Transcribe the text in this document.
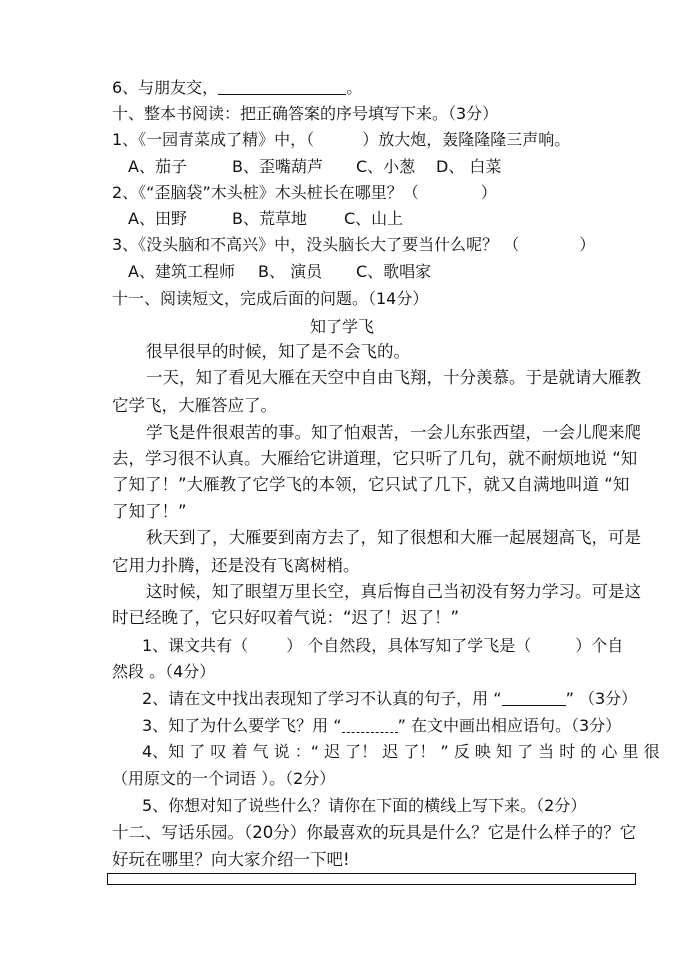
6、与朋友交，	。
十、整本书阅读：把正确答案的序号填写下来。（3分）
1、《一园青菜成了精》中，（	）放大炮，轰隆隆隆三声响。
A、茄子	B、歪嘴葫芦 C、小葱 D、 白菜
2、《“歪脑袋”木头桩》木头桩长在哪里？（	）
A、田野	B、荒草地 C、山上
3、《没头脑和不高兴》中，没头脑长大了要当什么呢？ （	）
A、建筑工程师 B、 演员 C、歌唱家
十一、阅读短文，完成后面的问题。（14分）
知了学飞
很早很早的时候，知了是不会飞的。
一天，知了看见大雁在天空中自由飞翔，十分羡慕。于是就请大雁教
它学飞，大雁答应了。
学飞是件很艰苦的事。知了怕艰苦，一会儿东张西望，一会儿爬来爬
去，学习很不认真。大雁给它讲道理，它只听了几句，就不耐烦地说 “知
了知了！”大雁教了它学飞的本领，它只试了几下，就又自满地叫道 “知
了知了！”
秋天到了，大雁要到南方去了，知了很想和大雁一起展翅高飞，可是
它用力扑腾，还是没有飞离树梢。
这时候，知了眼望万里长空，真后悔自己当初没有努力学习。可是这
时已经晚了，它只好叹着气说：“迟了！迟了！”
1、课文共有（ ） 个自然段，具体写知了学飞是（	）个自
然段 。（4分）
2、请在文中找出表现知了学习不认真的句子，用 “	” （3分）
3、知了为什么要学飞？用 “	” 在文中画出相应语句。（3分）
4、知 了 叹 着 气 说 ：“ 迟 了！ 迟 了！ ” 反 映 知 了 当 时 的 心 里 很
（用原文的一个词语 ）。（2分）
5、你想对知了说些什么？请你在下面的横线上写下来。（2分）
十二、写话乐园。（20分）你最喜欢的玩具是什么？它是什么样子的？它
好玩在哪里？向大家介绍一下吧!
